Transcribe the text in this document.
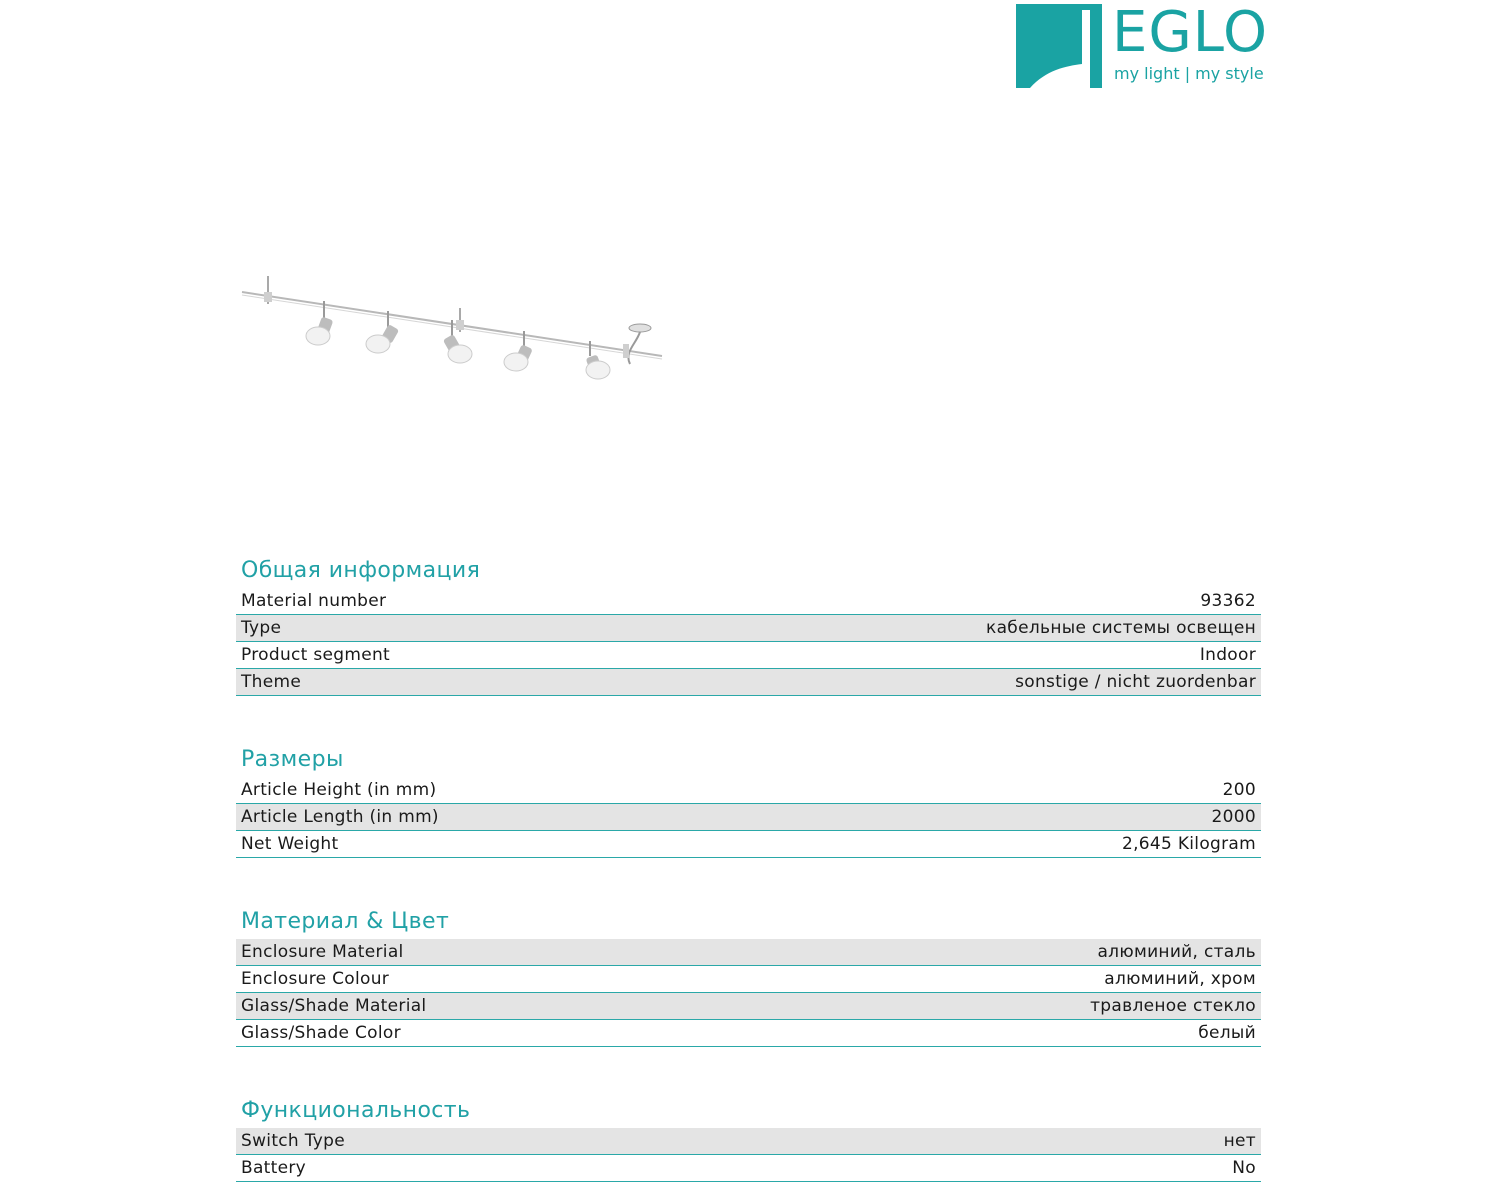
EGLO
my light | my style
Общая информация
Material number	93362
Type	кабельные системы освещен
Product segment	Indoor
Theme	sonstige / nicht zuordenbar
Размеры
Article Height (in mm)	200
Article Length (in mm)	2000
Net Weight	2,645 Kilogram
Материал & Цвет
Enclosure Material	алюминий, сталь
Enclosure Colour	алюминий, хром
Glass/Shade Material	травленое стекло
Glass/Shade Color	белый
Функциональность
Switch Type	нет
Battery	No
